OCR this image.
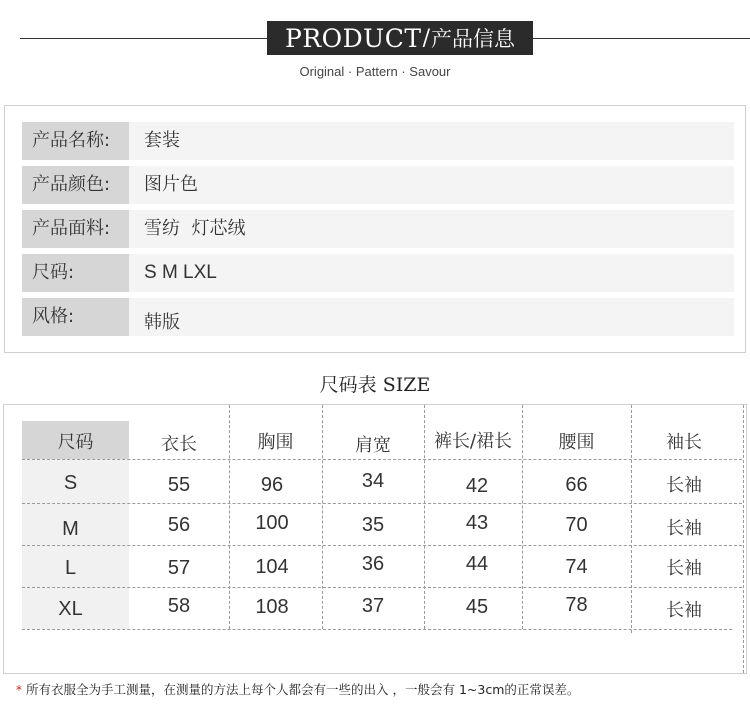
PRODUCT / 产品信息
Original · Pattern · Savour
产品名称:	套装
产品颜色:	图片色
产品面料:	雪纺  灯芯绒
尺码:	S M LXL
风格:	韩版
尺码表 SIZE
尺码	衣长	胸围	肩宽	裤长/裙长	腰围	袖长
S	55	96	34	42	66	长袖
M	56	100	35	43	70	长袖
L	57	104	36	44	74	长袖
XL	58	108	37	45	78	长袖
* 所有衣服全为手工测量，在测量的方法上每个人都会有一些的出入 ，一般会有 1~3cm的正常误差。
